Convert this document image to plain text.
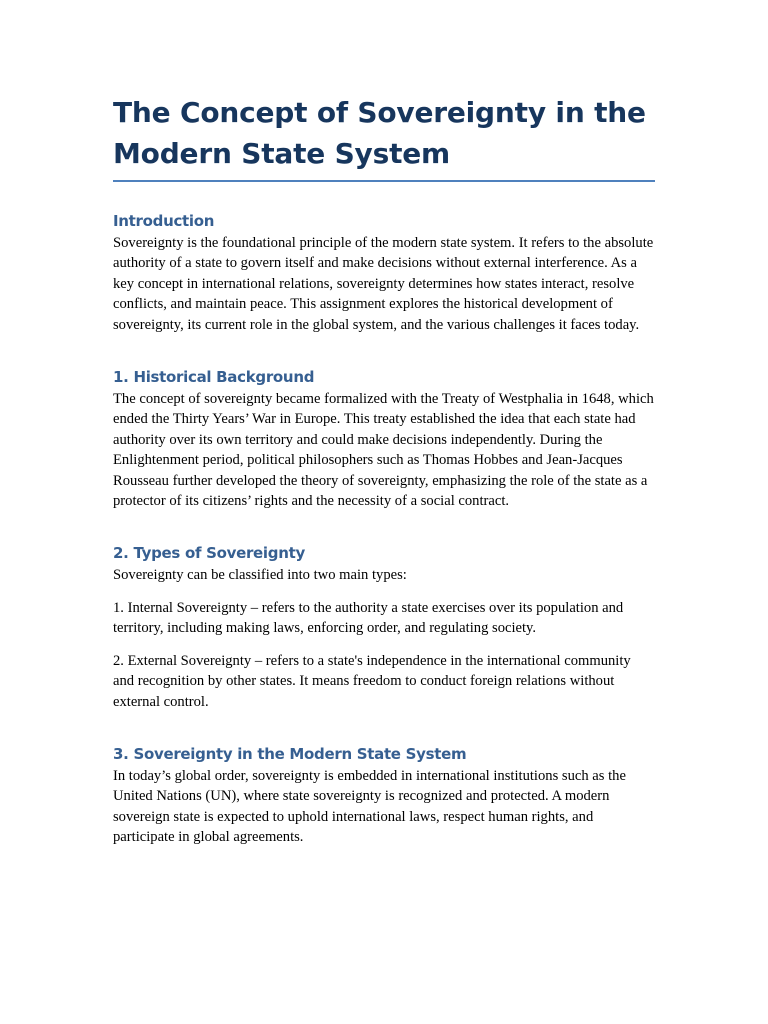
The Concept of Sovereignty in the Modern State System
Introduction

Sovereignty is the foundational principle of the modern state system. It refers to the absolute authority of a state to govern itself and make decisions without external interference. As a key concept in international relations, sovereignty determines how states interact, resolve conflicts, and maintain peace. This assignment explores the historical development of sovereignty, its current role in the global system, and the various challenges it faces today.

1. Historical Background

The concept of sovereignty became formalized with the Treaty of Westphalia in 1648, which ended the Thirty Years’ War in Europe. This treaty established the idea that each state had authority over its own territory and could make decisions independently. During the Enlightenment period, political philosophers such as Thomas Hobbes and Jean-Jacques Rousseau further developed the theory of sovereignty, emphasizing the role of the state as a protector of its citizens’ rights and the necessity of a social contract.

2. Types of Sovereignty

Sovereignty can be classified into two main types:

1. Internal Sovereignty – refers to the authority a state exercises over its population and territory, including making laws, enforcing order, and regulating society.

2. External Sovereignty – refers to a state's independence in the international community and recognition by other states. It means freedom to conduct foreign relations without external control.

3. Sovereignty in the Modern State System

In today’s global order, sovereignty is embedded in international institutions such as the United Nations (UN), where state sovereignty is recognized and protected. A modern sovereign state is expected to uphold international laws, respect human rights, and participate in global agreements.
